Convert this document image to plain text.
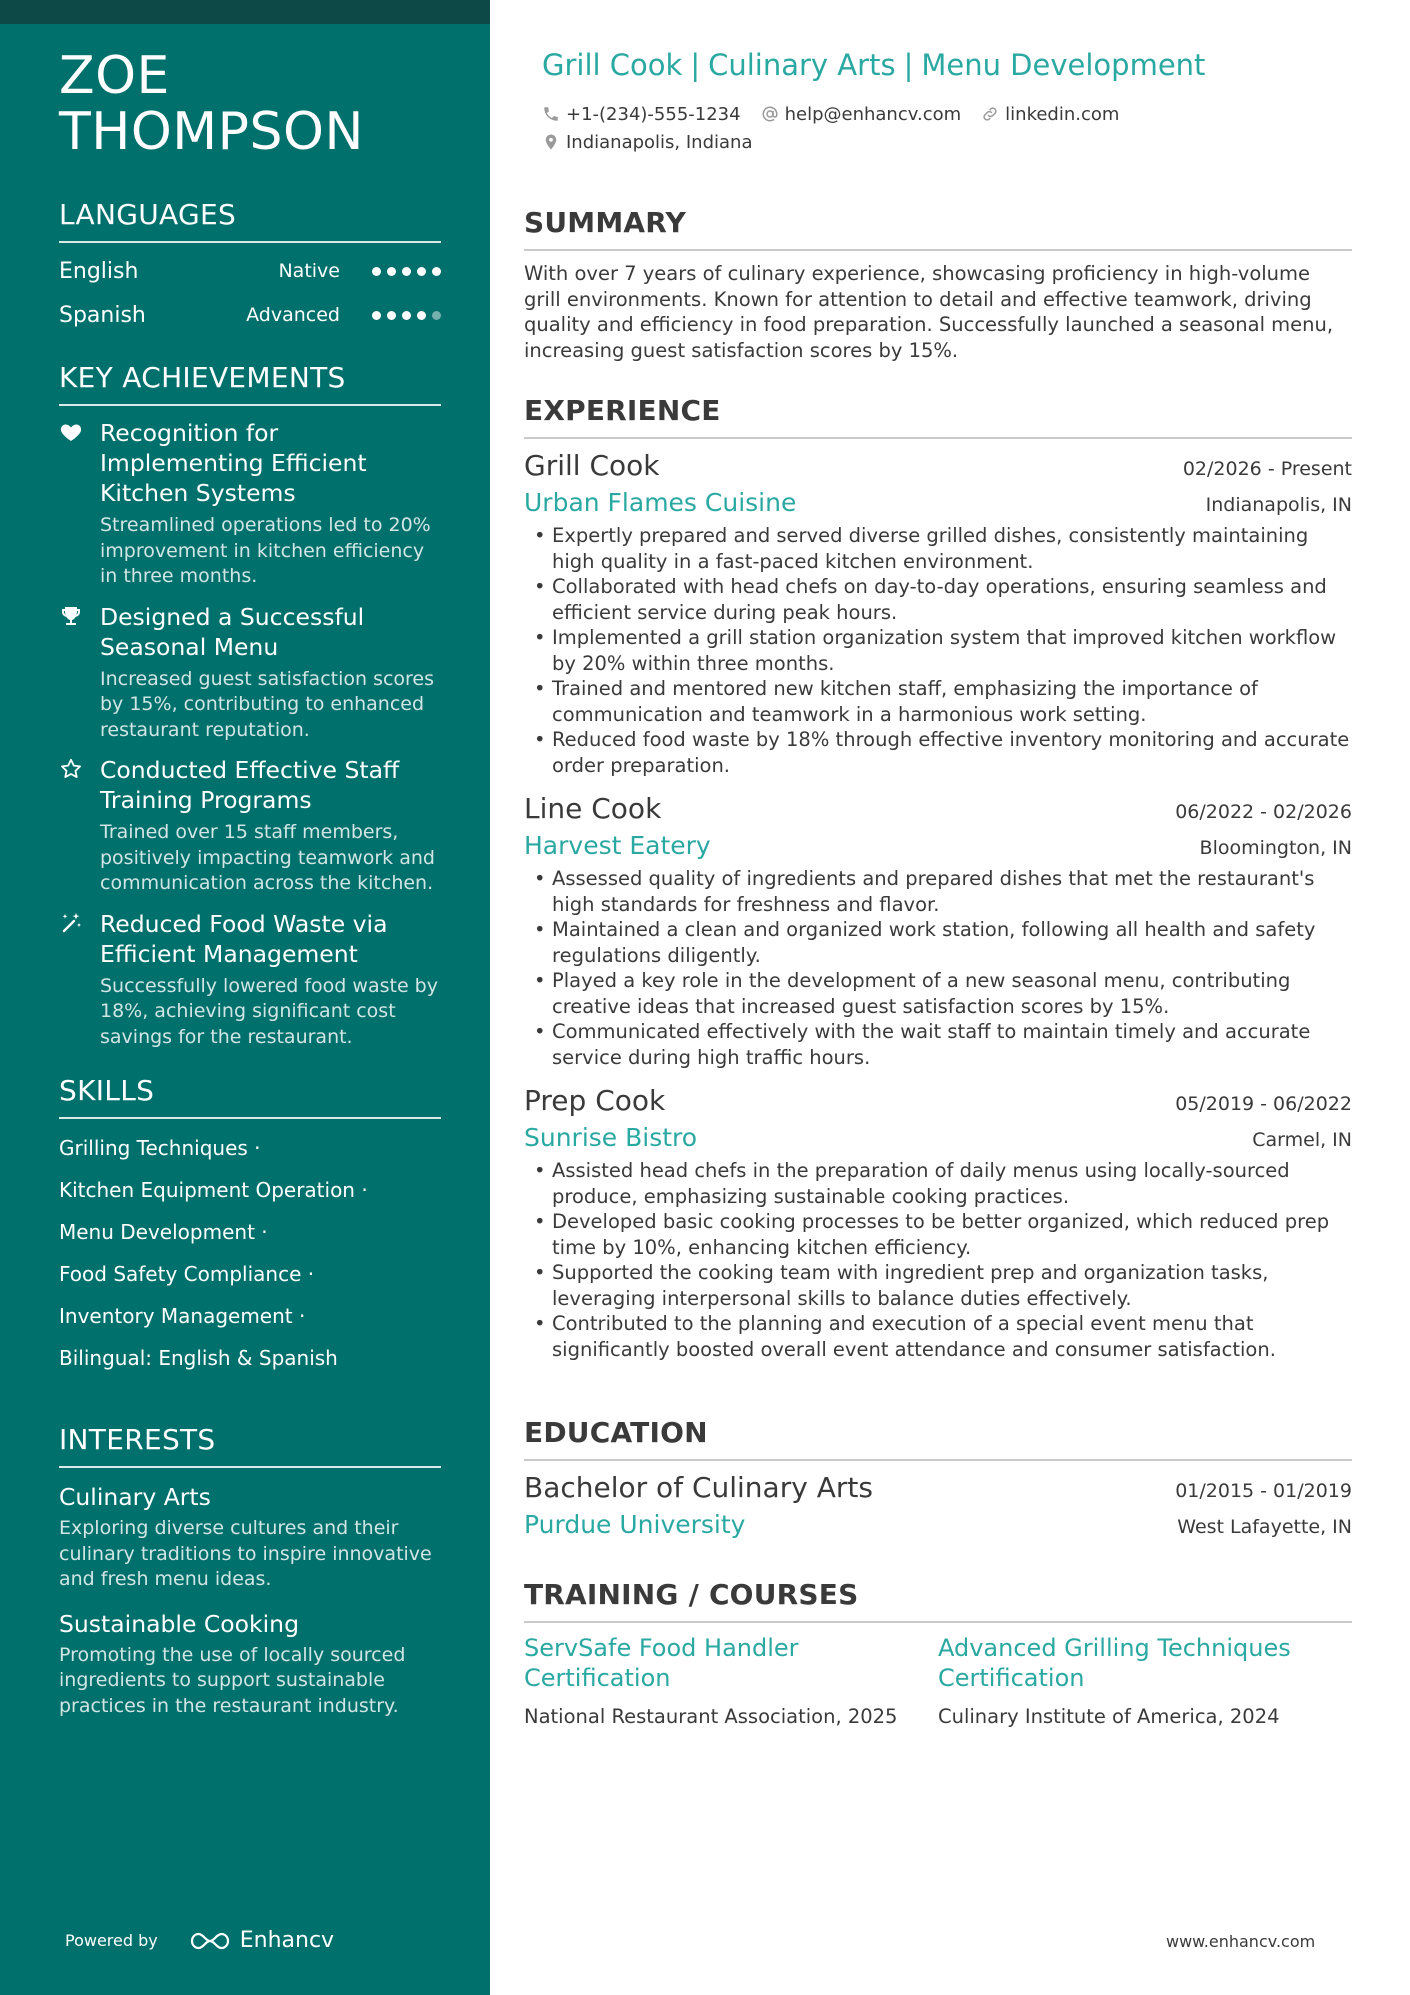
ZOE
THOMPSON
LANGUAGES
English	Native
Spanish	Advanced
KEY ACHIEVEMENTS
Recognition for Implementing Efficient Kitchen Systems
Streamlined operations led to 20% improvement in kitchen efficiency in three months.
Designed a Successful Seasonal Menu
Increased guest satisfaction scores by 15%, contributing to enhanced restaurant reputation.
Conducted Effective Staff Training Programs
Trained over 15 staff members, positively impacting teamwork and communication across the kitchen.
Reduced Food Waste via Efficient Management
Successfully lowered food waste by 18%, achieving significant cost savings for the restaurant.
SKILLS
Grilling Techniques ·
Kitchen Equipment Operation ·
Menu Development ·
Food Safety Compliance ·
Inventory Management ·
Bilingual: English & Spanish
INTERESTS
Culinary Arts
Exploring diverse cultures and their culinary traditions to inspire innovative and fresh menu ideas.
Sustainable Cooking
Promoting the use of locally sourced ingredients to support sustainable practices in the restaurant industry.
Powered by	Enhancv
Grill Cook | Culinary Arts | Menu Development
+1-(234)-555-1234 help@enhancv.com linkedin.com
Indianapolis, Indiana
SUMMARY

With over 7 years of culinary experience, showcasing proficiency in high-volume grill environments. Known for attention to detail and effective teamwork, driving quality and efficiency in food preparation. Successfully launched a seasonal menu, increasing guest satisfaction scores by 15%.

EXPERIENCE
Grill Cook	02/2026 - Present
Urban Flames Cuisine	Indianapolis, IN
• Expertly prepared and served diverse grilled dishes, consistently maintaining high quality in a fast-paced kitchen environment.
• Collaborated with head chefs on day-to-day operations, ensuring seamless and efficient service during peak hours.
• Implemented a grill station organization system that improved kitchen workflow by 20% within three months.
• Trained and mentored new kitchen staff, emphasizing the importance of communication and teamwork in a harmonious work setting.
• Reduced food waste by 18% through effective inventory monitoring and accurate order preparation.
Line Cook	06/2022 - 02/2026
Harvest Eatery	Bloomington, IN
• Assessed quality of ingredients and prepared dishes that met the restaurant's high standards for freshness and flavor.
• Maintained a clean and organized work station, following all health and safety regulations diligently.
• Played a key role in the development of a new seasonal menu, contributing creative ideas that increased guest satisfaction scores by 15%.
• Communicated effectively with the wait staff to maintain timely and accurate service during high traffic hours.
Prep Cook	05/2019 - 06/2022
Sunrise Bistro	Carmel, IN
• Assisted head chefs in the preparation of daily menus using locally-sourced produce, emphasizing sustainable cooking practices.
• Developed basic cooking processes to be better organized, which reduced prep time by 10%, enhancing kitchen efficiency.
• Supported the cooking team with ingredient prep and organization tasks, leveraging interpersonal skills to balance duties effectively.
• Contributed to the planning and execution of a special event menu that significantly boosted overall event attendance and consumer satisfaction.
EDUCATION
Bachelor of Culinary Arts	01/2015 - 01/2019
Purdue University	West Lafayette, IN
TRAINING / COURSES
ServSafe Food Handler Certification
National Restaurant Association, 2025
Advanced Grilling Techniques Certification
Culinary Institute of America, 2024
www.enhancv.com
